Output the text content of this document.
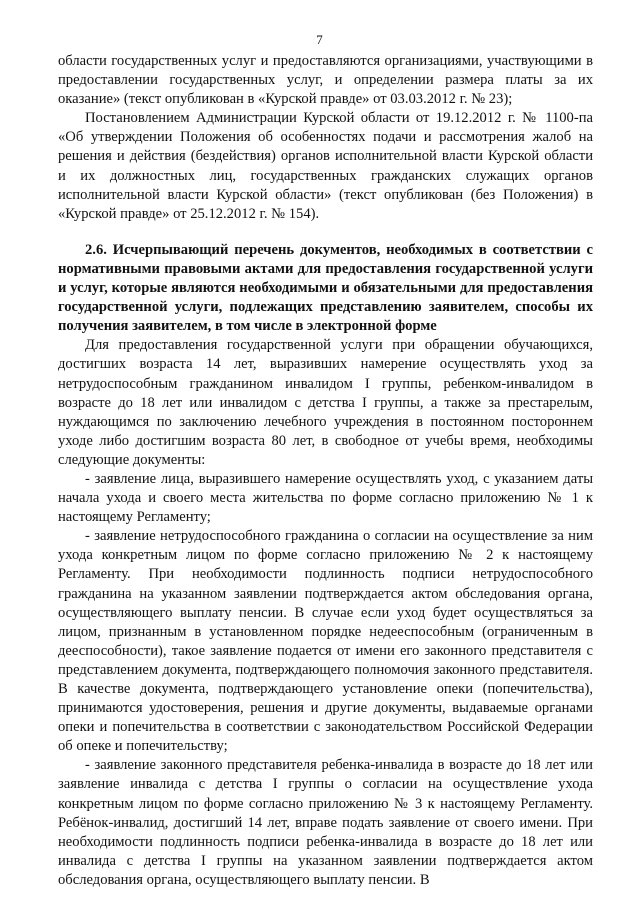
7

области государственных услуг и предоставляются организациями, участвующими в предоставлении государственных услуг, и определении размера платы за их оказание» (текст опубликован в «Курской правде» от 03.03.2012 г. № 23);

Постановлением Администрации Курской области от 19.12.2012 г. № 1100-па «Об утверждении Положения об особенностях подачи и рассмотрения жалоб на решения и действия (бездействия) органов исполнительной власти Курской области и их должностных лиц, государственных гражданских служащих органов исполнительной власти Курской области» (текст опубликован (без Положения) в «Курской правде» от 25.12.2012 г. № 154).

2.6. Исчерпывающий перечень документов, необходимых в соответствии с нормативными правовыми актами для предоставления государственной услуги и услуг, которые являются необходимыми и обязательными для предоставления государственной услуги, подлежащих представлению заявителем, способы их получения заявителем, в том числе в электронной форме

Для предоставления государственной услуги при обращении обучающихся, достигших возраста 14 лет, выразивших намерение осуществлять уход за нетрудоспособным гражданином инвалидом I группы, ребенком-инвалидом в возрасте до 18 лет или инвалидом с детства I группы, а также за престарелым, нуждающимся по заключению лечебного учреждения в постоянном постороннем уходе либо достигшим возраста 80 лет, в свободное от учебы время, необходимы следующие документы:

- заявление лица, выразившего намерение осуществлять уход, с указанием даты начала ухода и своего места жительства по форме согласно приложению № 1 к настоящему Регламенту;

- заявление нетрудоспособного гражданина о согласии на осуществление за ним ухода конкретным лицом по форме согласно приложению № 2 к настоящему Регламенту. При необходимости подлинность подписи нетрудоспособного гражданина на указанном заявлении подтверждается актом обследования органа, осуществляющего выплату пенсии. В случае если уход будет осуществляться за лицом, признанным в установленном порядке недееспособным (ограниченным в дееспособности), такое заявление подается от имени его законного представителя с представлением документа, подтверждающего полномочия законного представителя. В качестве документа, подтверждающего установление опеки (попечительства), принимаются удостоверения, решения и другие документы, выдаваемые органами опеки и попечительства в соответствии с законодательством Российской Федерации об опеке и попечительству;

- заявление законного представителя ребенка-инвалида в возрасте до 18 лет или заявление инвалида с детства I группы о согласии на осуществление ухода конкретным лицом по форме согласно приложению № 3 к настоящему Регламенту. Ребёнок-инвалид, достигший 14 лет, вправе подать заявление от своего имени. При необходимости подлинность подписи ребенка-инвалида в возрасте до 18 лет или инвалида с детства I группы на указанном заявлении подтверждается актом обследования органа, осуществляющего выплату пенсии. В
